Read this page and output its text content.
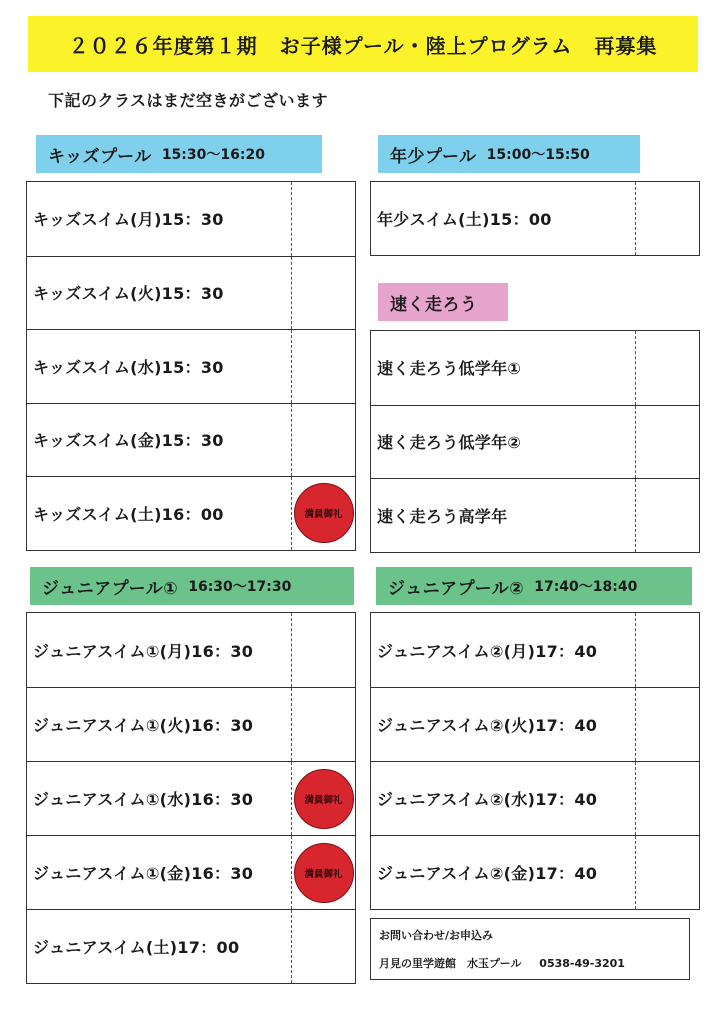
２０２６年度第１期 お子様プール・陸上プログラム 再募集
下記のクラスはまだ空きがございます
キッズプール 15:30〜16:20
キッズスイム(月)15：30
キッズスイム(火)15：30
キッズスイム(水)15：30
キッズスイム(金)15：30
キッズスイム(土)16：00	満員御礼
年少プール 15:00〜15:50
年少スイム(土)15：00
速く走ろう
速く走ろう低学年①
速く走ろう低学年②
速く走ろう高学年
ジュニアプール① 16:30〜17:30
ジュニアスイム①(月)16：30
ジュニアスイム①(火)16：30
ジュニアスイム①(水)16：30	満員御礼
ジュニアスイム①(金)16：30	満員御礼
ジュニアスイム(土)17：00
ジュニアプール② 17:40〜18:40
ジュニアスイム②(月)17：40
ジュニアスイム②(火)17：40
ジュニアスイム②(水)17：40
ジュニアスイム②(金)17：40
お問い合わせ/お申込み
月見の里学遊館　水玉プール 0538-49-3201
